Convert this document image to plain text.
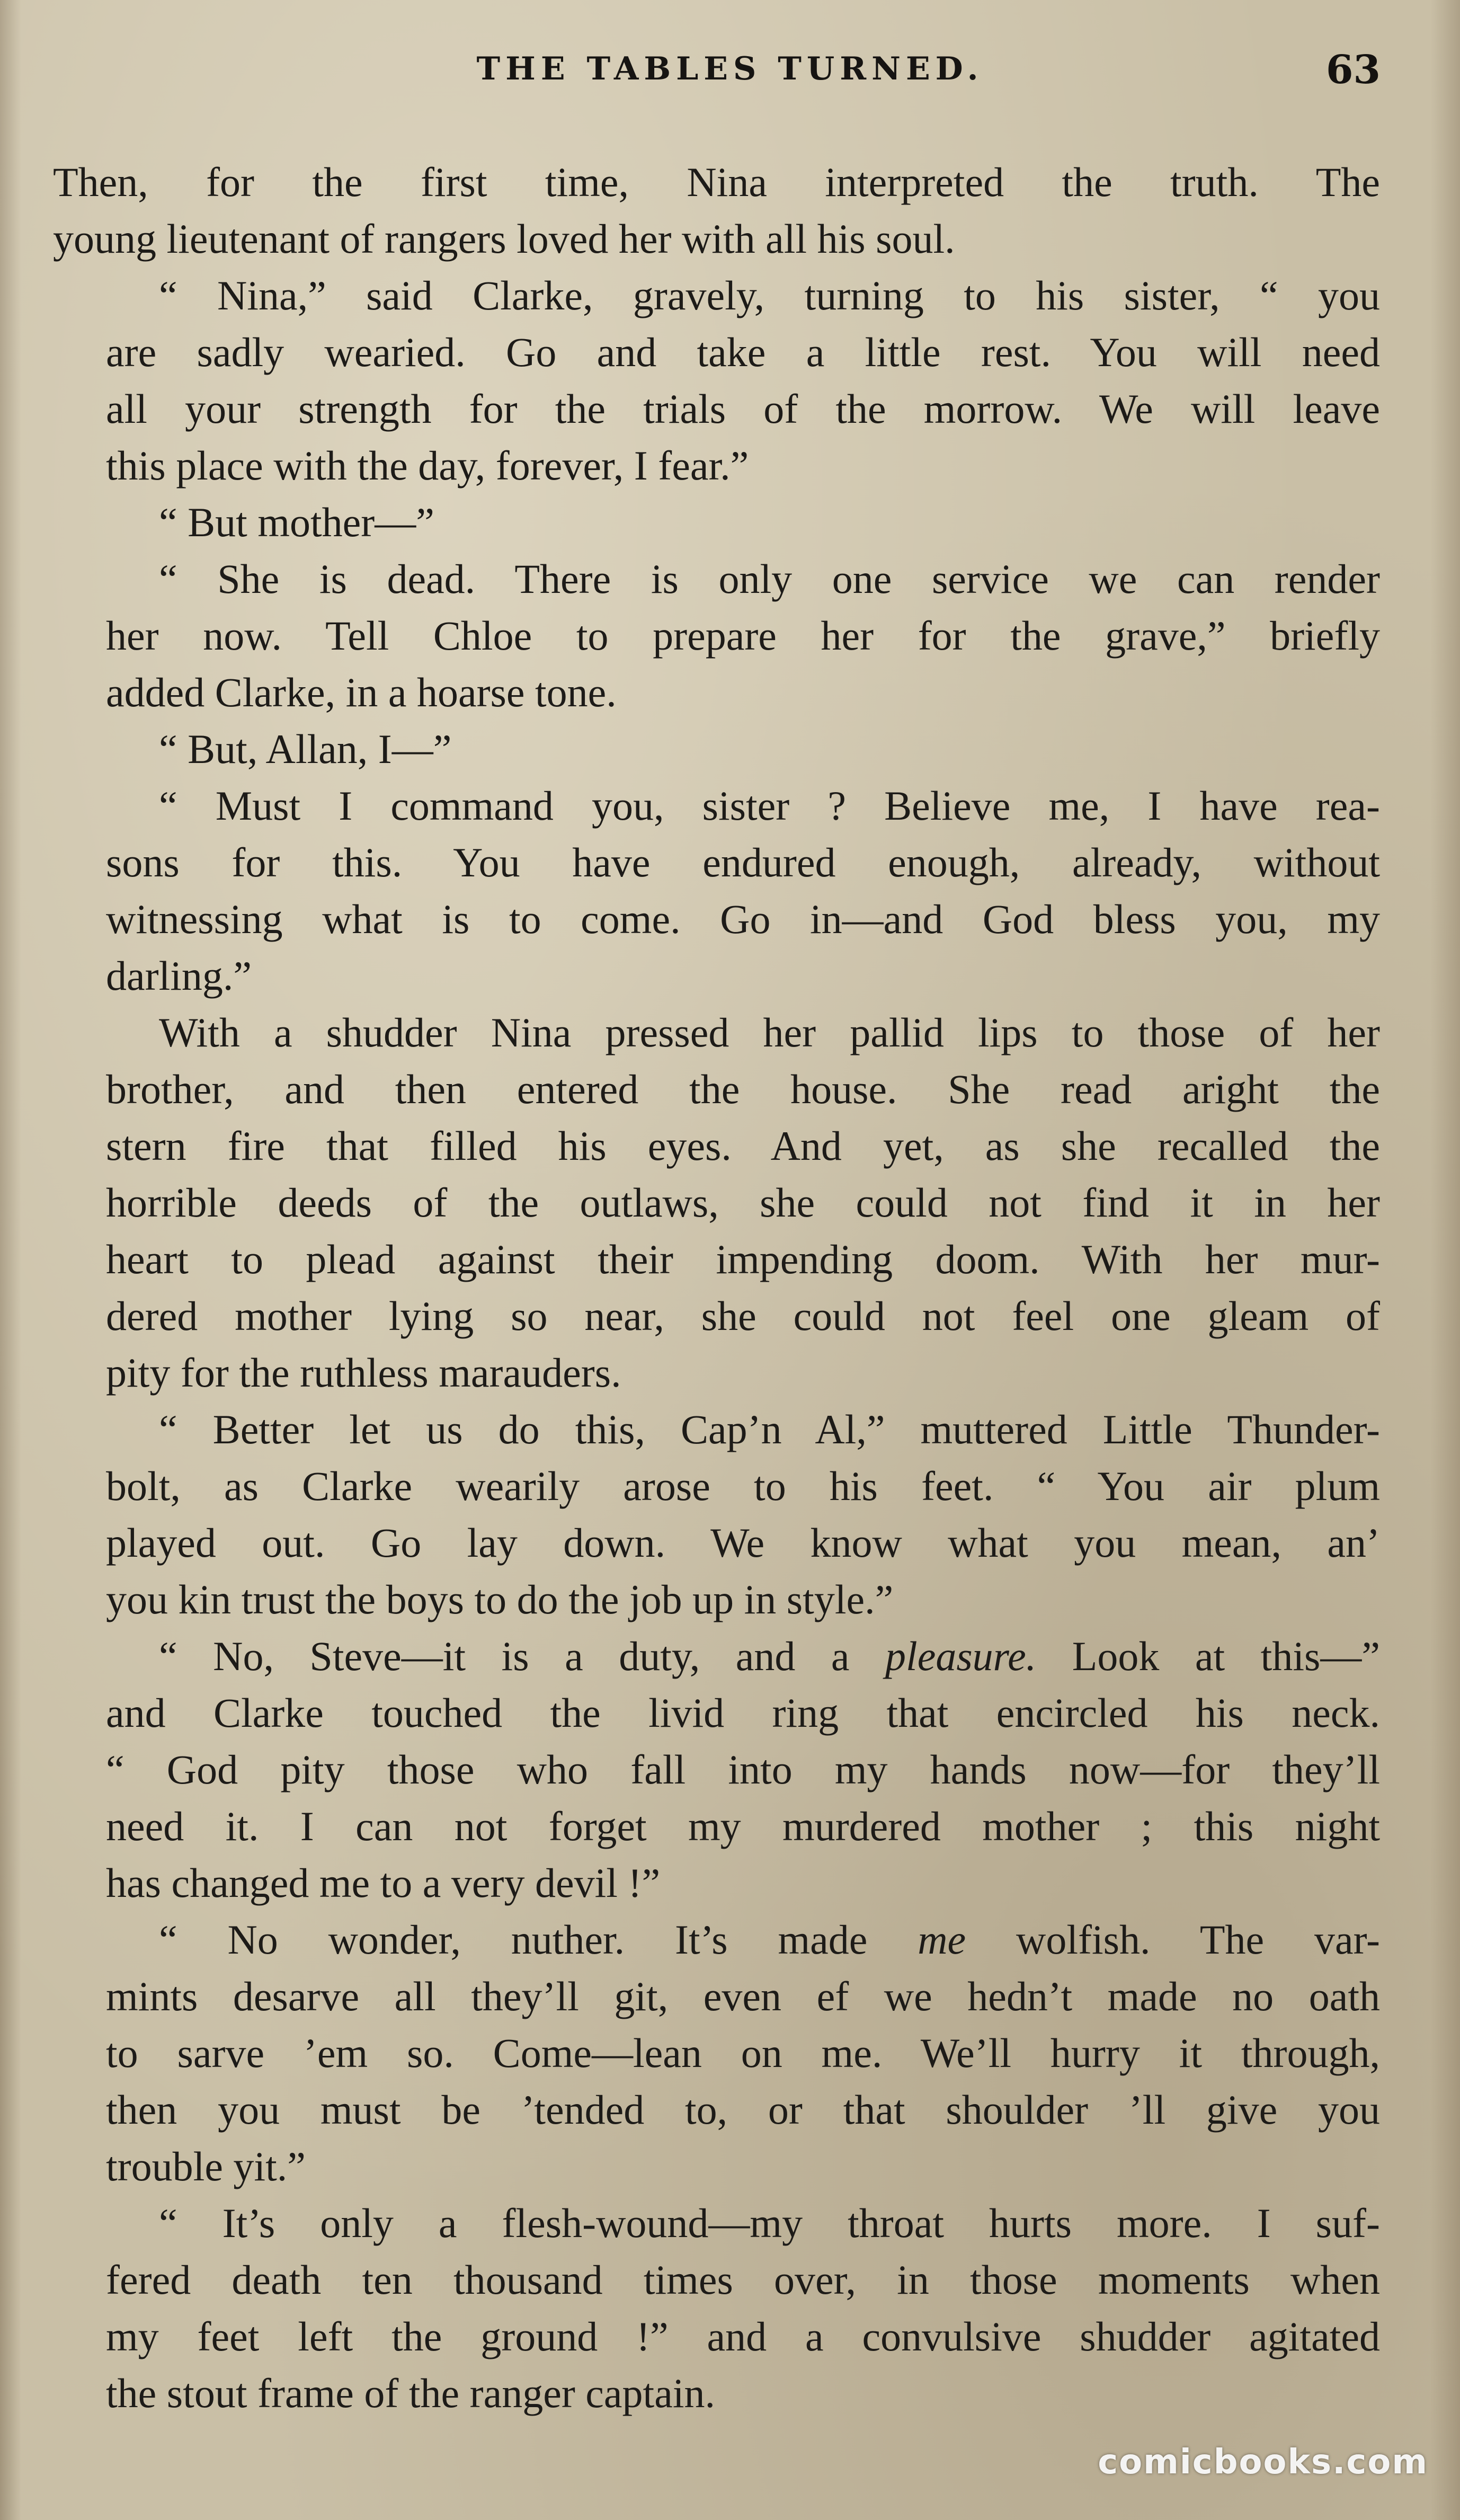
THE TABLES TURNED.	63

Then, for the first time, Nina interpreted the truth. The
young lieutenant of rangers loved her with all his soul.

“ Nina,” said Clarke, gravely, turning to his sister, “ you
are sadly wearied. Go and take a little rest. You will need
all your strength for the trials of the morrow. We will leave
this place with the day, forever, I fear.”

“ But mother—”

“ She is dead. There is only one service we can render
her now. Tell Chloe to prepare her for the grave,” briefly
added Clarke, in a hoarse tone.

“ But, Allan, I—”

“ Must I command you, sister ? Believe me, I have rea-
sons for this. You have endured enough, already, without
witnessing what is to come. Go in—and God bless you, my
darling.”

With a shudder Nina pressed her pallid lips to those of her
brother, and then entered the house. She read aright the
stern fire that filled his eyes. And yet, as she recalled the
horrible deeds of the outlaws, she could not find it in her
heart to plead against their impending doom. With her mur-
dered mother lying so near, she could not feel one gleam of
pity for the ruthless marauders.

“ Better let us do this, Cap’n Al,” muttered Little Thunder-
bolt, as Clarke wearily arose to his feet. “ You air plum
played out. Go lay down. We know what you mean, an’
you kin trust the boys to do the job up in style.”

“ No, Steve—it is a duty, and a pleasure. Look at this—”
and Clarke touched the livid ring that encircled his neck.
“ God pity those who fall into my hands now—for they’ll
need it. I can not forget my murdered mother ; this night
has changed me to a very devil !”

“ No wonder, nuther. It’s made me wolfish. The var-
mints desarve all they’ll git, even ef we hedn’t made no oath
to sarve ’em so. Come—lean on me. We’ll hurry it through,
then you must be ’tended to, or that shoulder ’ll give you
trouble yit.”

“ It’s only a flesh-wound—my throat hurts more. I suf-
fered death ten thousand times over, in those moments when
my feet left the ground !” and a convulsive shudder agitated
the stout frame of the ranger captain.

comicbooks.com
